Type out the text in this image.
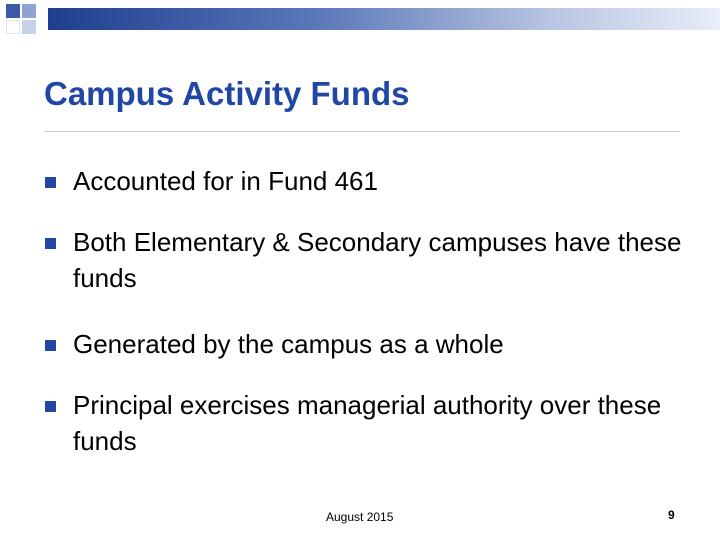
Campus Activity Funds
Accounted for in Fund 461
Both Elementary & Secondary campuses have these funds
Generated by the campus as a whole
Principal exercises managerial authority over these funds
August 2015	9
